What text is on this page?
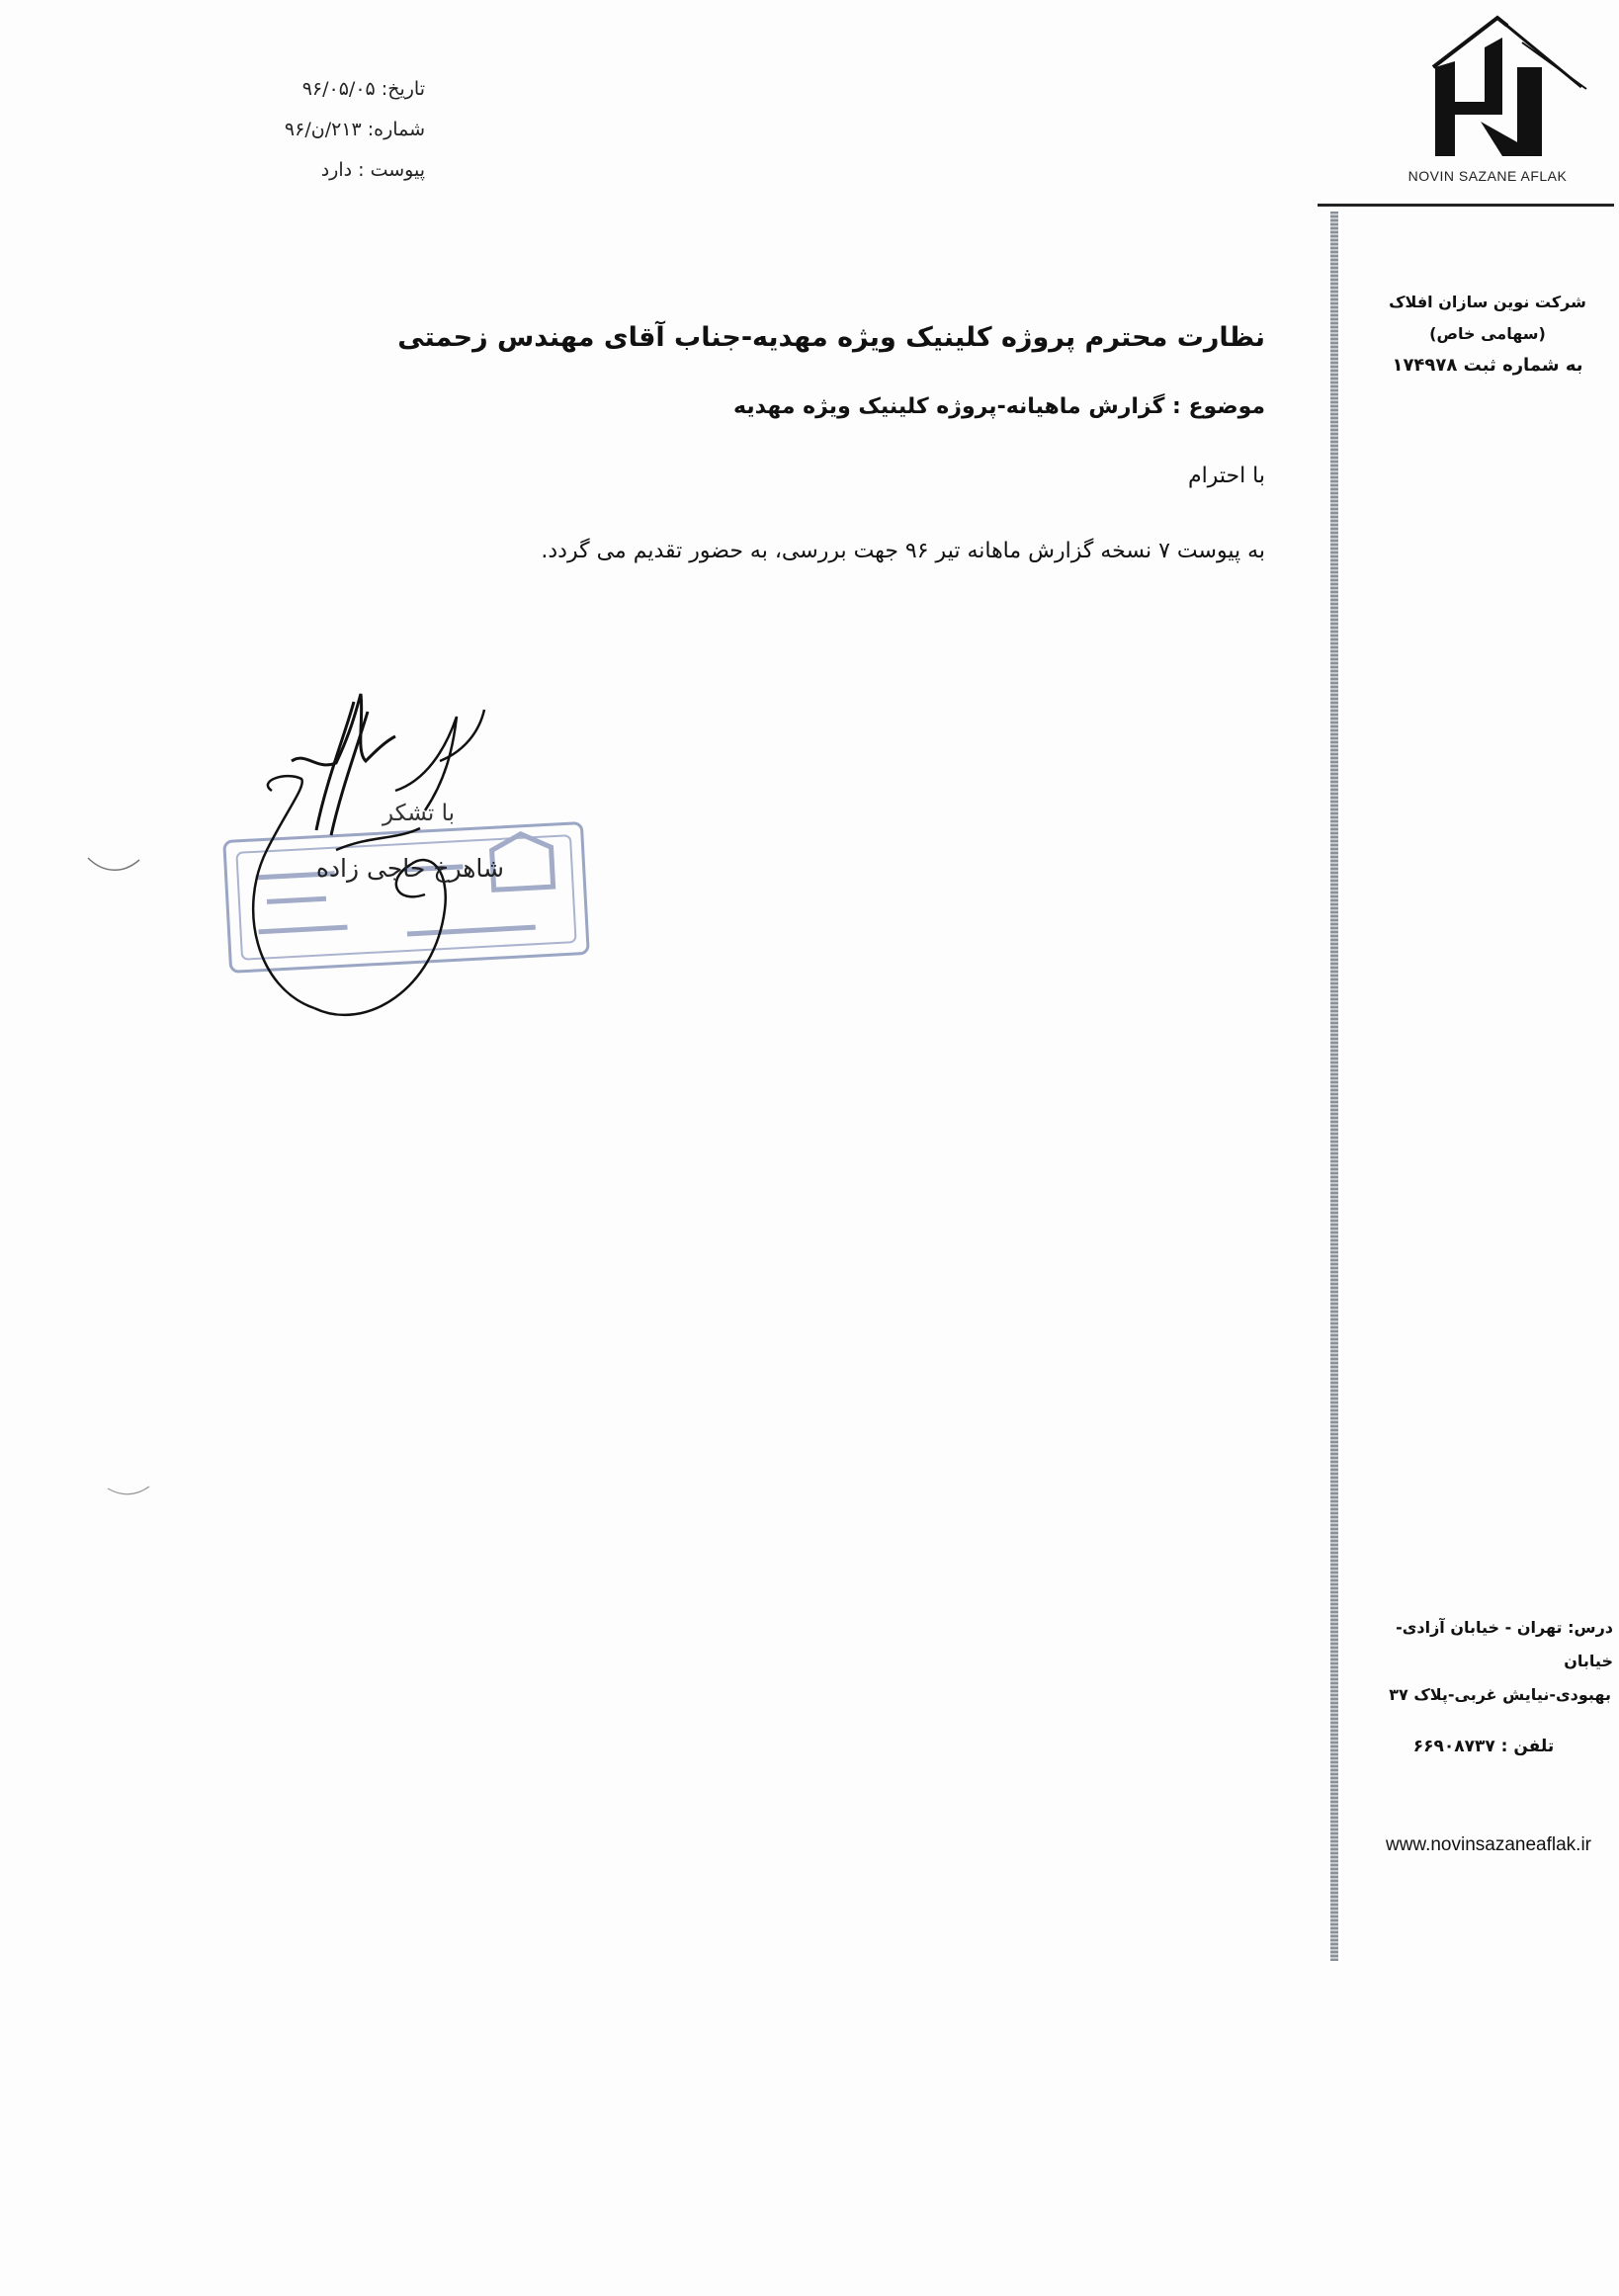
NOVIN SAZANE AFLAK
شرکت نوین سازان افلاک
(سهامی خاص)
به شماره ثبت ۱۷۴۹۷۸
درس: تهران - خیابان آزادی-خیابان
بهبودی-نیایش غربی-پلاک ۳۷
تلفن : ۶۶۹۰۸۷۳۷
www.novinsazaneaflak.ir
تاریخ: ۹۶/۰۵/۰۵
شماره: ۲۱۳/ن/۹۶
پیوست : دارد
نظارت محترم پروژه کلینیک ویژه مهدیه-جناب آقای مهندس زحمتی
موضوع : گزارش ماهیانه-پروژه کلینیک ویژه مهدیه
با احترام
به پیوست ۷ نسخه گزارش ماهانه تیر ۹۶ جهت بررسی، به حضور تقدیم می گردد.
با تشکر
شاهرخ حاجی زاده
